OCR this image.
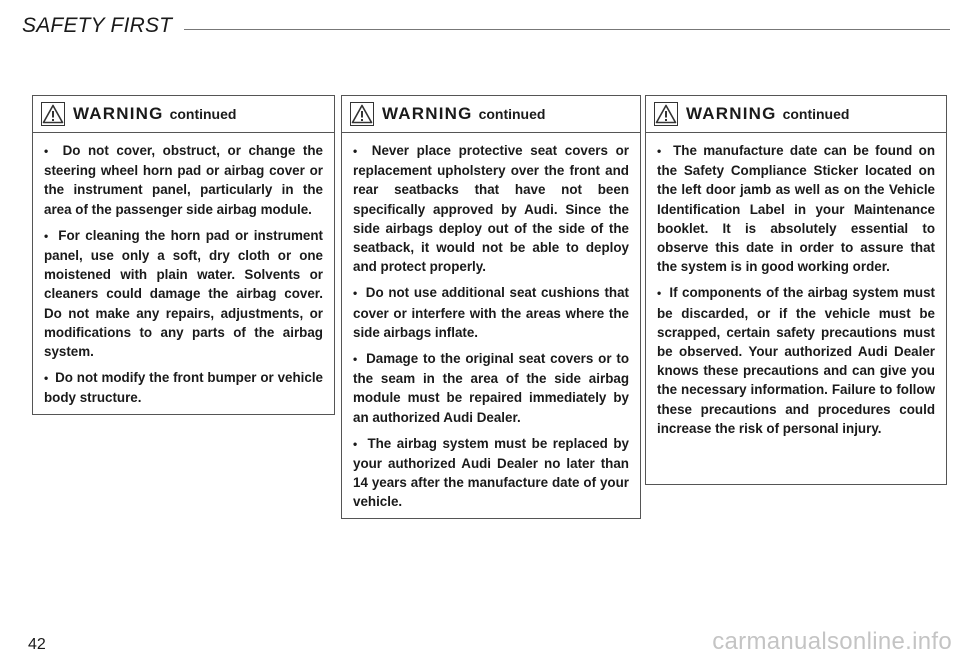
SAFETY FIRST
WARNING continued

•  Do not cover, obstruct, or change the steering wheel horn pad or airbag cover or the instrument panel, particularly in the area of the passenger side airbag module.

•  For cleaning the horn pad or instrument panel, use only a soft, dry cloth or one moistened with plain water. Solvents or cleaners could damage the airbag cover. Do not make any repairs, adjustments, or modifications to any parts of the airbag system.

•  Do not modify the front bumper or vehicle body structure.

WARNING continued

•  Never place protective seat covers or replacement upholstery over the front and rear seatbacks that have not been specifically approved by Audi. Since the side airbags deploy out of the side of the seatback, it would not be able to deploy and protect properly.

•  Do not use additional seat cushions that cover or interfere with the areas where the side airbags inflate.

•  Damage to the original seat covers or to the seam in the area of the side airbag module must be repaired immediately by an authorized Audi Dealer.

•  The airbag system must be replaced by your authorized Audi Dealer no later than 14 years after the manufacture date of your vehicle.

WARNING continued

•  The manufacture date can be found on the Safety Compliance Sticker located on the left door jamb as well as on the Vehicle Identification Label in your Maintenance booklet. It is absolutely essential to observe this date in order to assure that the system is in good working order.

•  If components of the airbag system must be discarded, or if the vehicle must be scrapped, certain safety precautions must be observed. Your authorized Audi Dealer knows these precautions and can give you the necessary information. Failure to follow these precautions and procedures could increase the risk of personal injury.

42	carmanualsonline.info
